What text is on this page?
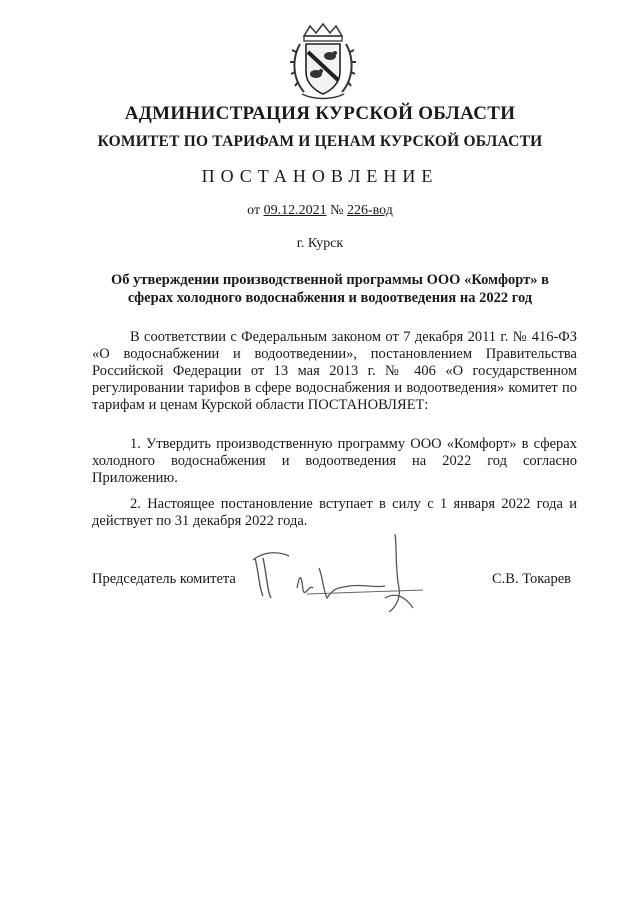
АДМИНИСТРАЦИЯ КУРСКОЙ ОБЛАСТИ
КОМИТЕТ ПО ТАРИФАМ И ЦЕНАМ КУРСКОЙ ОБЛАСТИ
ПОСТАНОВЛЕНИЕ
от 09.12.2021 № 226-вод
г. Курск
Об утверждении производственной программы ООО «Комфорт» в сферах холодного водоснабжения и водоотведения на 2022 год
В соответствии с Федеральным законом от 7 декабря 2011 г. № 416-ФЗ «О водоснабжении и водоотведении», постановлением Правительства Российской Федерации от 13 мая 2013 г. № 406 «О государственном регулировании тарифов в сфере водоснабжения и водоотведения» комитет по тарифам и ценам Курской области ПОСТАНОВЛЯЕТ:
1. Утвердить производственную программу ООО «Комфорт» в сферах холодного водоснабжения и водоотведения на 2022 год согласно Приложению.
2. Настоящее постановление вступает в силу с 1 января 2022 года и действует по 31 декабря 2022 года.
Председатель комитета	С.В. Токарев
